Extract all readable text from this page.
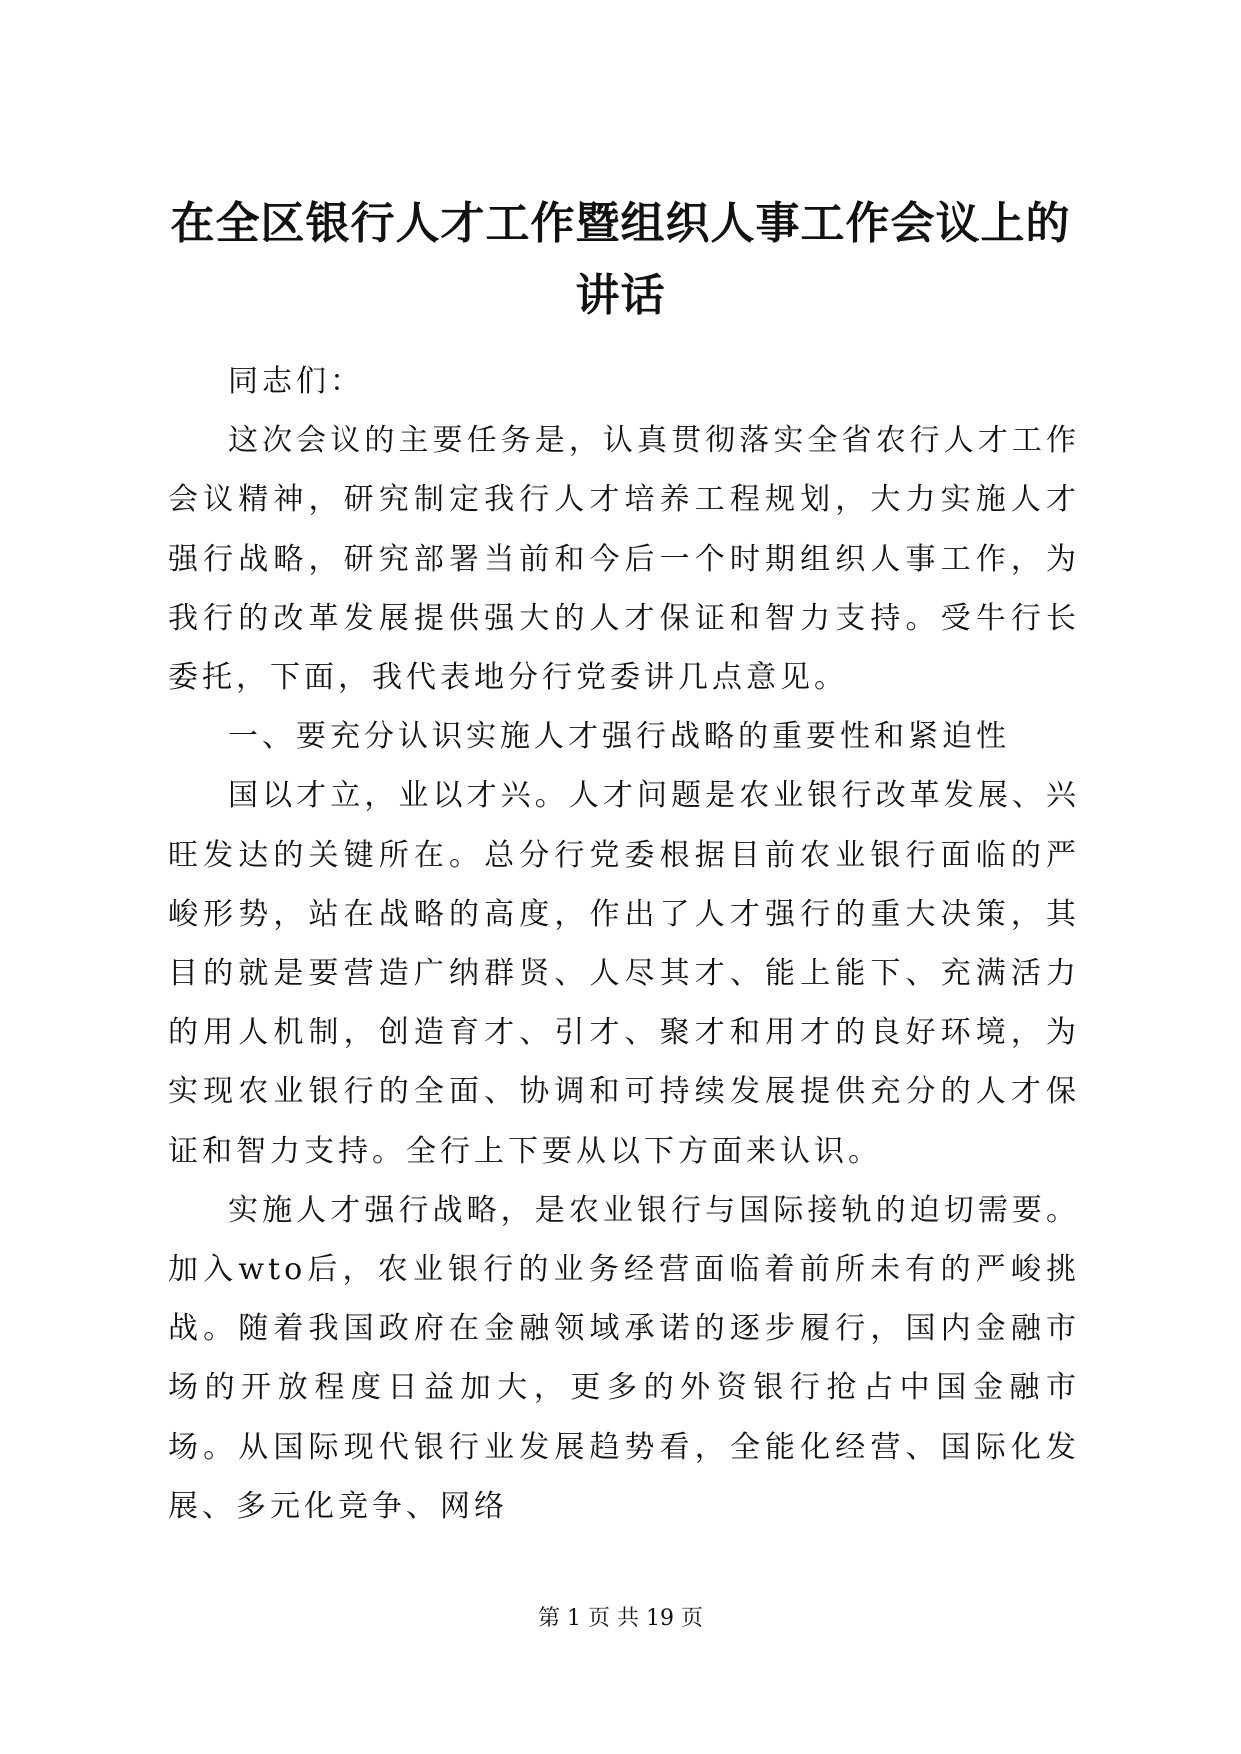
在全区银行人才工作暨组织人事工作会议上的讲话

同志们：

这次会议的主要任务是，认真贯彻落实全省农行人才工作会议精神，研究制定我行人才培养工程规划，大力实施人才强行战略，研究部署当前和今后一个时期组织人事工作，为我行的改革发展提供强大的人才保证和智力支持。受牛行长委托，下面，我代表地分行党委讲几点意见。

一、要充分认识实施人才强行战略的重要性和紧迫性

国以才立，业以才兴。人才问题是农业银行改革发展、兴旺发达的关键所在。总分行党委根据目前农业银行面临的严峻形势，站在战略的高度，作出了人才强行的重大决策，其目的就是要营造广纳群贤、人尽其才、能上能下、充满活力的用人机制，创造育才、引才、聚才和用才的良好环境，为实现农业银行的全面、协调和可持续发展提供充分的人才保证和智力支持。全行上下要从以下方面来认识。

实施人才强行战略，是农业银行与国际接轨的迫切需要。加入wto后，农业银行的业务经营面临着前所未有的严峻挑战。随着我国政府在金融领域承诺的逐步履行，国内金融市场的开放程度日益加大，更多的外资银行抢占中国金融市场。从国际现代银行业发展趋势看，全能化经营、国际化发展、多元化竞争、网络

第 1 页 共 19 页
